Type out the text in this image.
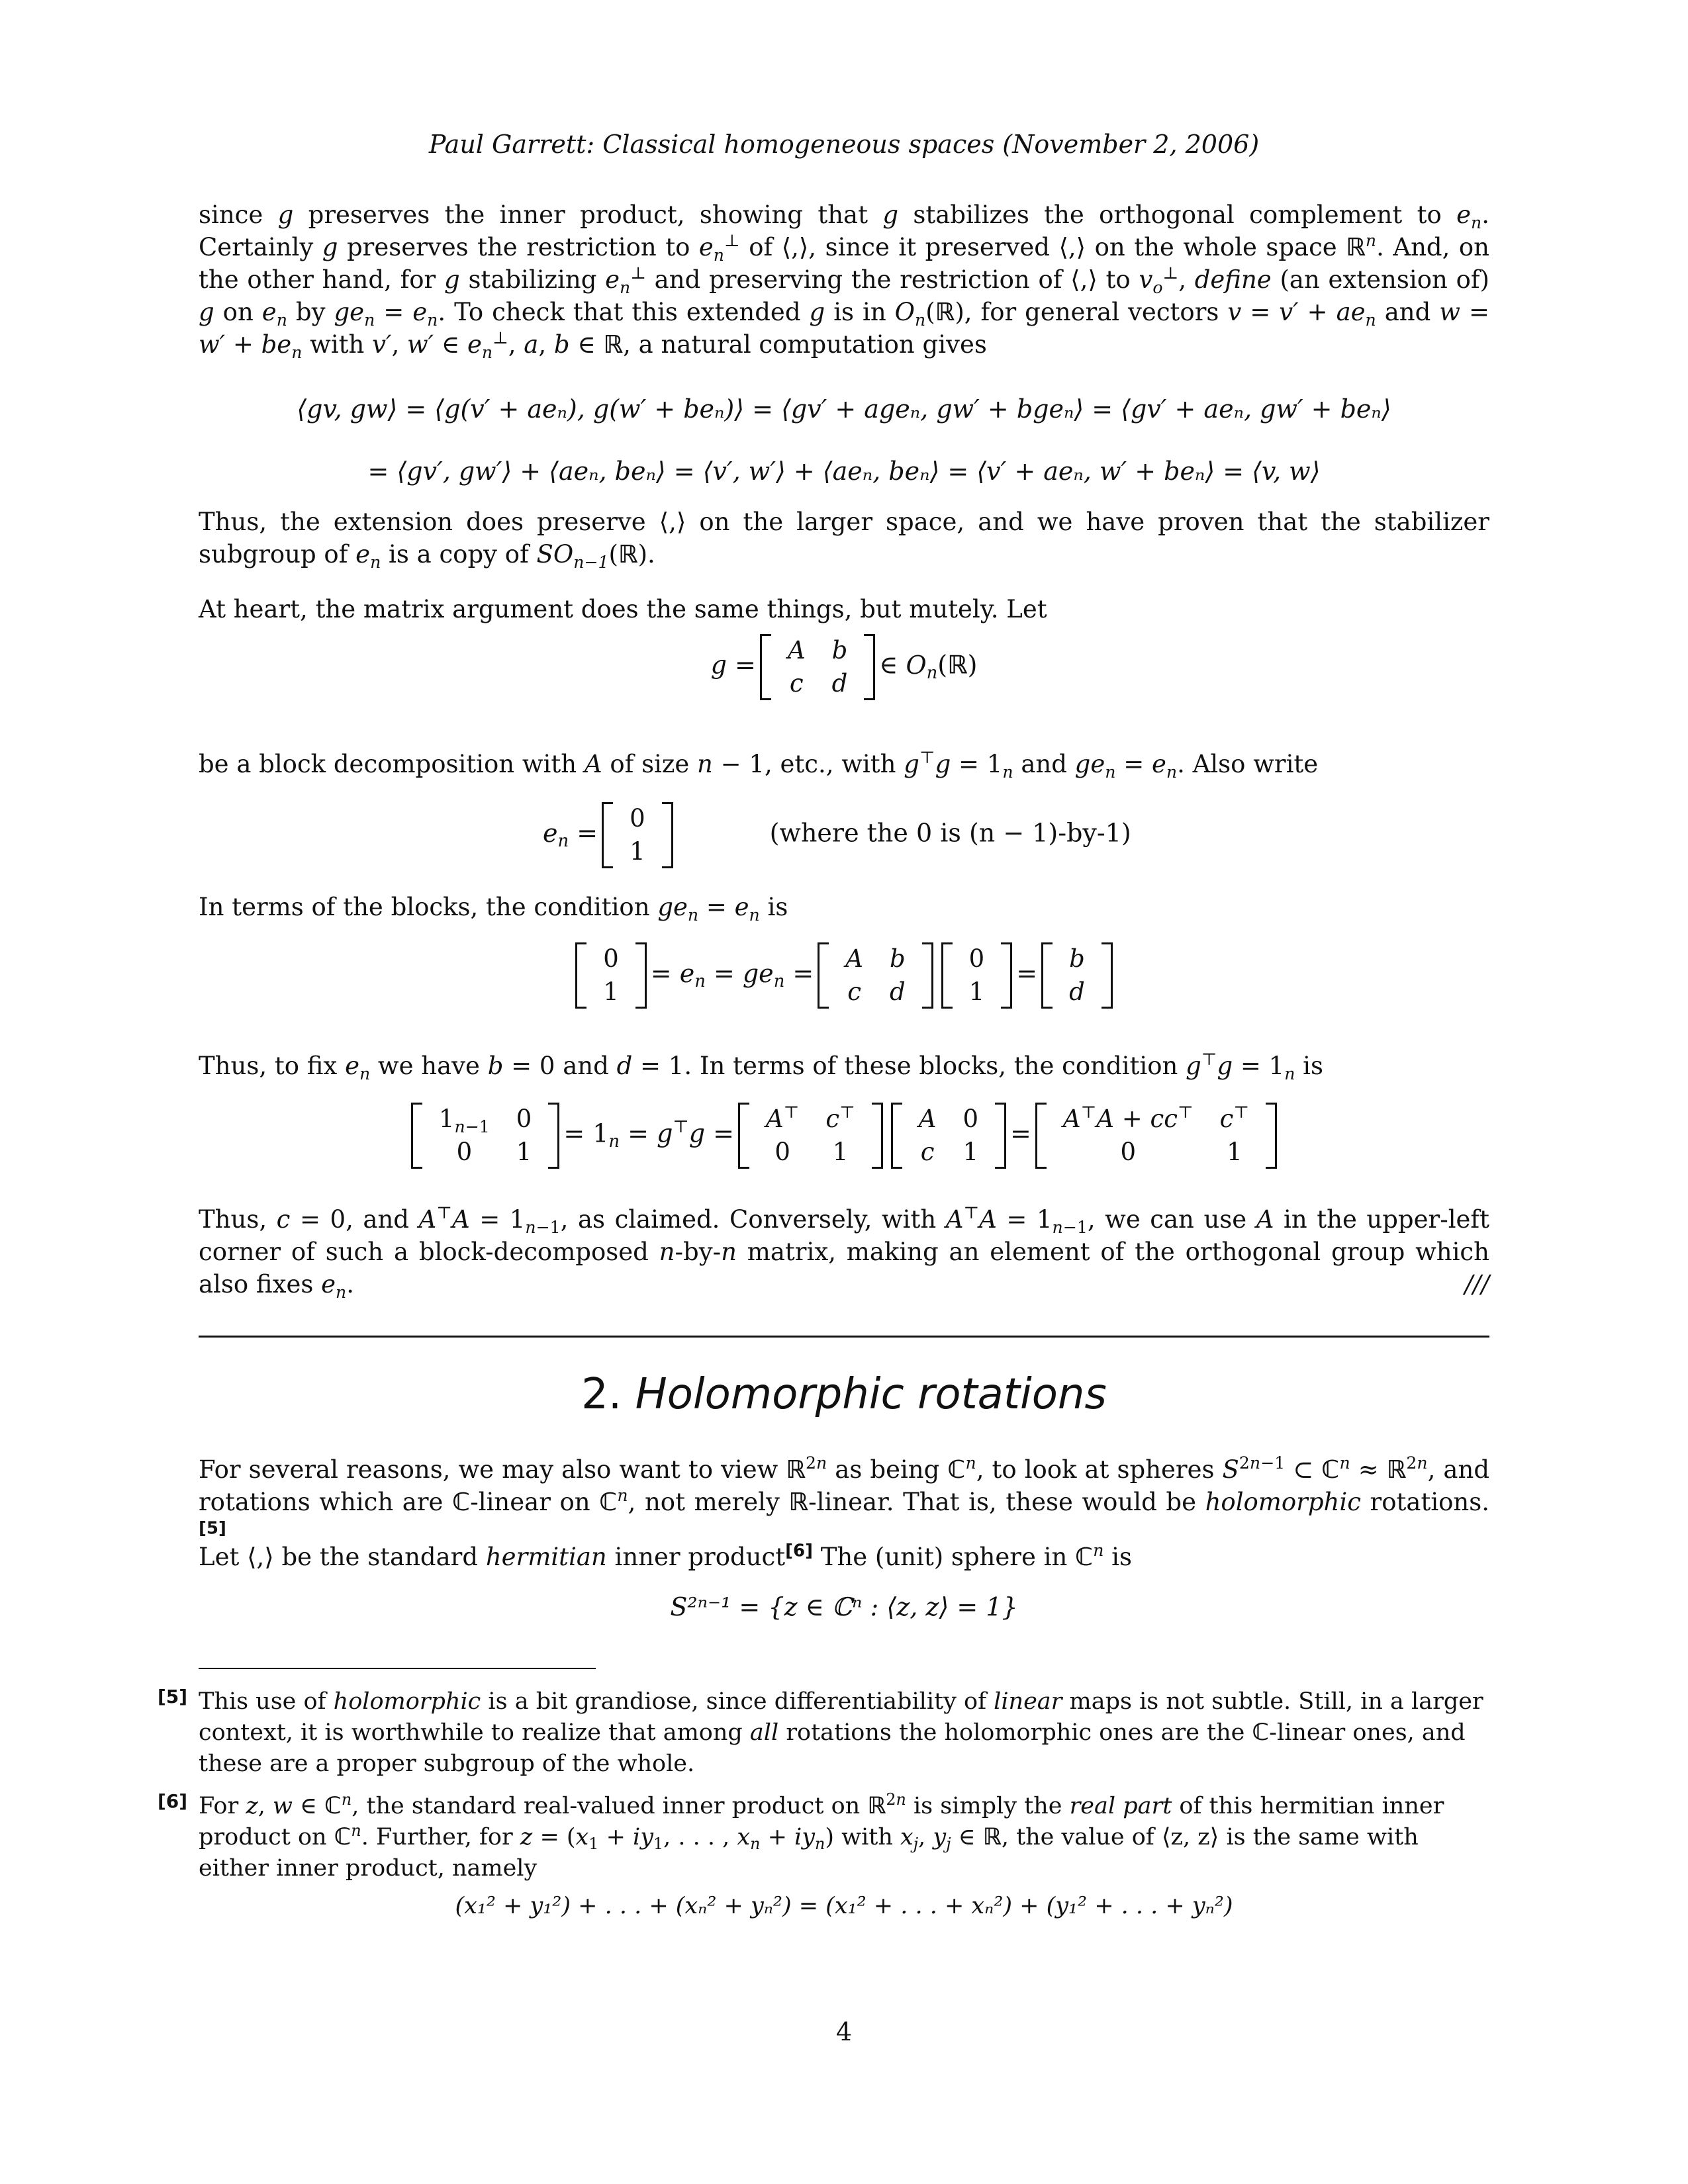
Paul Garrett: Classical homogeneous spaces (November 2, 2006)
since g preserves the inner product, showing that g stabilizes the orthogonal complement to $e_n$. Certainly g preserves the restriction to $e_n^\perp$ of ⟨,⟩, since it preserved ⟨,⟩ on the whole space ℝ$^n$. And, on the other hand, for g stabilizing $e_n^\perp$ and preserving the restriction of ⟨,⟩ to $v_o^\perp$, define (an extension of) g on $e_n$ by $ge_n = e_n$. To check that this extended g is in $O_n(ℝ)$, for general vectors $v = v' + ae_n$ and $w = w' + be_n$ with v′, w′ ∈ $e_n^\perp$, a, b ∈ ℝ, a natural computation gives
⟨gv, gw⟩ = ⟨g(v′ + aeₙ), g(w′ + beₙ)⟩ = ⟨gv′ + ageₙ, gw′ + bgeₙ⟩ = ⟨gv′ + aeₙ, gw′ + beₙ⟩
= ⟨gv′, gw′⟩ + ⟨aeₙ, beₙ⟩ = ⟨v′, w′⟩ + ⟨aeₙ, beₙ⟩ = ⟨v′ + aeₙ, w′ + beₙ⟩ = ⟨v, w⟩
Thus, the extension does preserve ⟨,⟩ on the larger space, and we have proven that the stabilizer subgroup of $e_n$ is a copy of $SO_{n-1}(ℝ)$.
At heart, the matrix argument does the same things, but mutely. Let
g = A	b
c	d
∈ $O_n(ℝ)$
be a block decomposition with A of size n − 1, etc., with $g^⊤g = 1_n$ and $ge_n = e_n$. Also write
$e_n = 0$
1
(where the 0 is (n − 1)-by-1)
In terms of the blocks, the condition $ge_n = e_n$ is
0
1
= $e_n = ge_n = A$	b
c	d
0
1
= b
d
Thus, to fix $e_n$ we have b = 0 and d = 1. In terms of these blocks, the condition $g^⊤g = 1_n$ is
$1_{n-1}$	0
0	1
= $1_n = g^⊤g = A^⊤$	c⊤
0	1
A	0
c	1
= A⊤A + cc⊤	c⊤
0	1
Thus, c = 0, and $A^⊤A = 1_{n-1}$, as claimed. Conversely, with $A^⊤A = 1_{n-1}$, we can use A in the upper-left corner of such a block-decomposed n-by-n matrix, making an element of the orthogonal group which also fixes $e_n$.	///
2. Holomorphic rotations
For several reasons, we may also want to view ℝ$^{2n}$ as being ℂ$^n$, to look at spheres $S^{2n-1}$ ⊂ ℂ$^n$ ≈ ℝ$^{2n}$, and rotations which are ℂ-linear on ℂ$^n$, not merely ℝ-linear. That is, these would be holomorphic rotations. [5]
Let ⟨,⟩ be the standard hermitian inner product[6] The (unit) sphere in ℂ$^n$ is
S²ⁿ⁻¹ = {z ∈ ℂⁿ : ⟨z, z⟩ = 1}
[5] This use of holomorphic is a bit grandiose, since differentiability of linear maps is not subtle. Still, in a larger context, it is worthwhile to realize that among all rotations the holomorphic ones are the ℂ-linear ones, and these are a proper subgroup of the whole.
[6] For z, w ∈ ℂ$^n$, the standard real-valued inner product on ℝ$^{2n}$ is simply the real part of this hermitian inner product on ℂ$^n$. Further, for $z = (x_1 + iy_1$, . . . , $x_n + iy_n$) with $x_j$, $y_j$ ∈ ℝ, the value of ⟨z, z⟩ is the same with either inner product, namely
(x₁² + y₁²) + . . . + (xₙ² + yₙ²) = (x₁² + . . . + xₙ²) + (y₁² + . . . + yₙ²)
4
